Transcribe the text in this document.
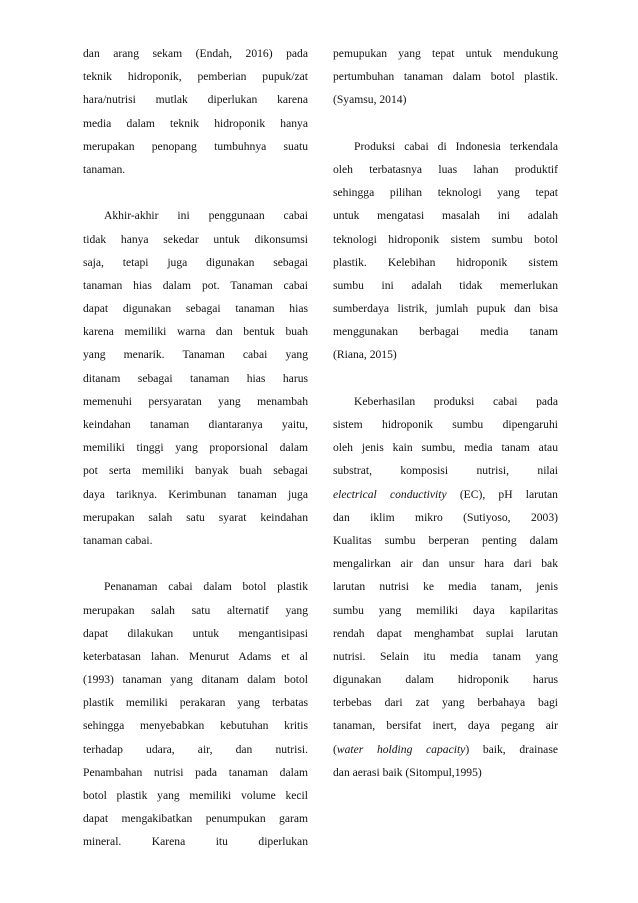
dan arang sekam (Endah, 2016) pada
teknik hidroponik, pemberian pupuk/zat
hara/nutrisi mutlak diperlukan karena
media dalam teknik hidroponik hanya
merupakan penopang tumbuhnya suatu
tanaman.

Akhir-akhir ini penggunaan cabai
tidak hanya sekedar untuk dikonsumsi
saja, tetapi juga digunakan sebagai
tanaman hias dalam pot. Tanaman cabai
dapat digunakan sebagai tanaman hias
karena memiliki warna dan bentuk buah
yang menarik. Tanaman cabai yang
ditanam sebagai tanaman hias harus
memenuhi persyaratan yang menambah
keindahan tanaman diantaranya yaitu,
memiliki tinggi yang proporsional dalam
pot serta memiliki banyak buah sebagai
daya tariknya. Kerimbunan tanaman juga
merupakan salah satu syarat keindahan
tanaman cabai.

Penanaman cabai dalam botol plastik
merupakan salah satu alternatif yang
dapat dilakukan untuk mengantisipasi
keterbatasan lahan. Menurut Adams et al
(1993) tanaman yang ditanam dalam botol
plastik memiliki perakaran yang terbatas
sehingga menyebabkan kebutuhan kritis
terhadap udara, air, dan nutrisi.
Penambahan nutrisi pada tanaman dalam
botol plastik yang memiliki volume kecil
dapat mengakibatkan penumpukan garam
mineral. Karena itu diperlukan

pemupukan yang tepat untuk mendukung
pertumbuhan tanaman dalam botol plastik.
(Syamsu, 2014)

Produksi cabai di Indonesia terkendala
oleh terbatasnya luas lahan produktif
sehingga pilihan teknologi yang tepat
untuk mengatasi masalah ini adalah
teknologi hidroponik sistem sumbu botol
plastik. Kelebihan hidroponik sistem
sumbu ini adalah tidak memerlukan
sumberdaya listrik, jumlah pupuk dan bisa
menggunakan berbagai media tanam
(Riana, 2015)

Keberhasilan produksi cabai pada
sistem hidroponik sumbu dipengaruhi
oleh jenis kain sumbu, media tanam atau
substrat, komposisi nutrisi, nilai
electrical conductivity (EC), pH larutan
dan iklim mikro (Sutiyoso, 2003)
Kualitas sumbu berperan penting dalam
mengalirkan air dan unsur hara dari bak
larutan nutrisi ke media tanam, jenis
sumbu yang memiliki daya kapilaritas
rendah dapat menghambat suplai larutan
nutrisi. Selain itu media tanam yang
digunakan dalam hidroponik harus
terbebas dari zat yang berbahaya bagi
tanaman, bersifat inert, daya pegang air
(water holding capacity) baik, drainase
dan aerasi baik (Sitompul,1995)
